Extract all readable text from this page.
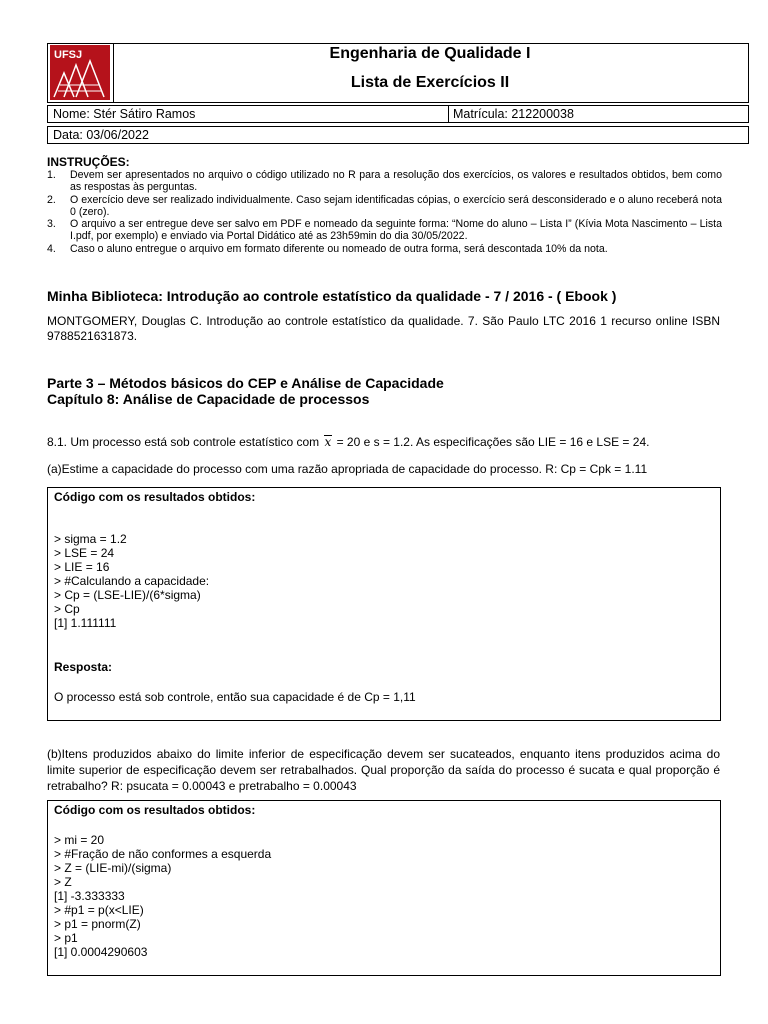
UFSJ	Engenharia de Qualidade I
Lista de Exercícios II
Nome: Stér Sátiro Ramos	Matrícula: 212200038
Data: 03/06/2022
INSTRUÇÕES:
1. Devem ser apresentados no arquivo o código utilizado no R para a resolução dos exercícios, os valores e resultados obtidos, bem como as respostas às perguntas.
2. O exercício deve ser realizado individualmente. Caso sejam identificadas cópias, o exercício será desconsiderado e o aluno receberá nota 0 (zero).
3. O arquivo a ser entregue deve ser salvo em PDF e nomeado da seguinte forma: “Nome do aluno – Lista I” (Kívia Mota Nascimento – Lista I.pdf, por exemplo) e enviado via Portal Didático até as 23h59min do dia 30/05/2022.
4. Caso o aluno entregue o arquivo em formato diferente ou nomeado de outra forma, será descontada 10% da nota.
Minha Biblioteca: Introdução ao controle estatístico da qualidade - 7 / 2016 - ( Ebook )
MONTGOMERY, Douglas C. Introdução ao controle estatístico da qualidade. 7. São Paulo LTC 2016 1 recurso online ISBN 9788521631873.
Parte 3 – Métodos básicos do CEP e Análise de Capacidade
Capítulo 8: Análise de Capacidade de processos
8.1. Um processo está sob controle estatístico com x = 20 e s = 1.2. As especificações são LIE = 16 e LSE = 24.
(a)Estime a capacidade do processo com uma razão apropriada de capacidade do processo. R: Cp = Cpk = 1.11
Código com os resultados obtidos:
> sigma = 1.2
> LSE = 24
> LIE = 16
> #Calculando a capacidade:
> Cp = (LSE-LIE)/(6*sigma)
> Cp
[1] 1.111111
Resposta:
O processo está sob controle, então sua capacidade é de Cp = 1,11
(b)Itens produzidos abaixo do limite inferior de especificação devem ser sucateados, enquanto itens produzidos acima do limite superior de especificação devem ser retrabalhados. Qual proporção da saída do processo é sucata e qual proporção é retrabalho? R: psucata = 0.00043 e pretrabalho = 0.00043
Código com os resultados obtidos:
> mi = 20
> #Fração de não conformes a esquerda
> Z = (LIE-mi)/(sigma)
> Z
[1] -3.333333
> #p1 = p(x<LIE)
> p1 = pnorm(Z)
> p1
[1] 0.0004290603
